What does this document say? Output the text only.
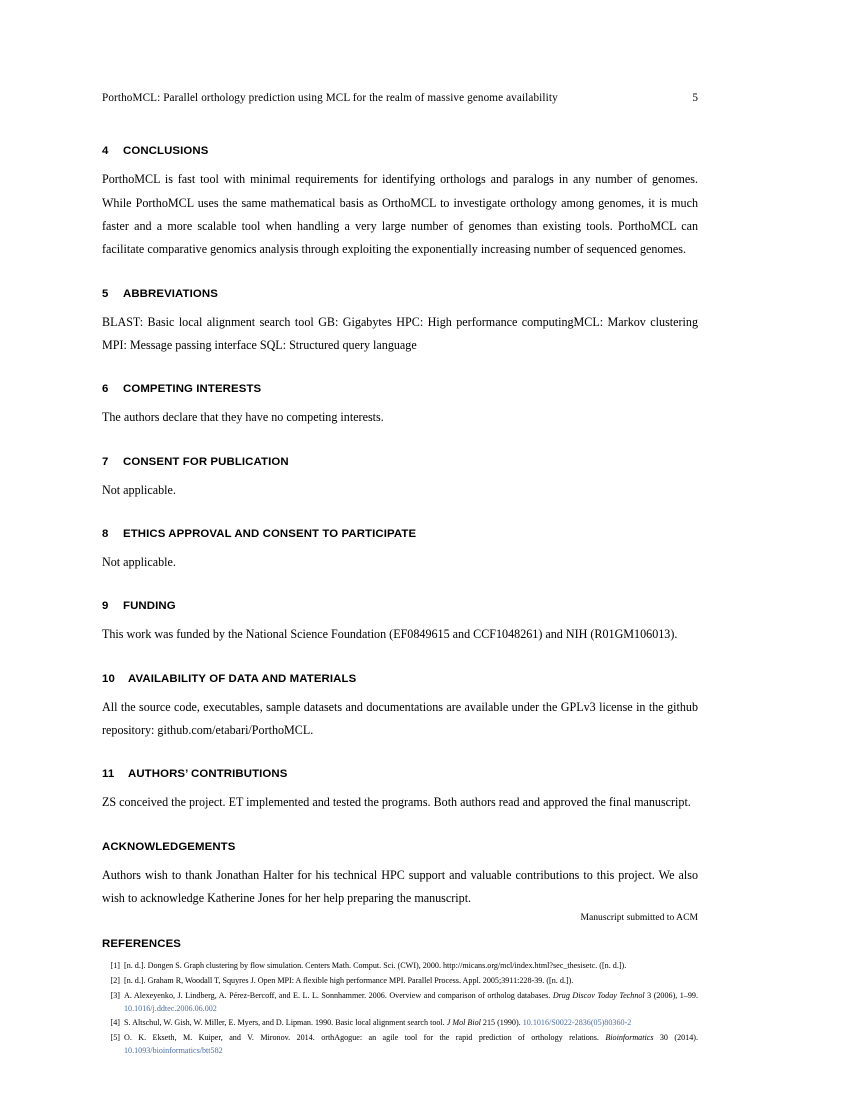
PorthoMCL: Parallel orthology prediction using MCL for the realm of massive genome availability	5
4	CONCLUSIONS

PorthoMCL is fast tool with minimal requirements for identifying orthologs and paralogs in any number of genomes. While PorthoMCL uses the same mathematical basis as OrthoMCL to investigate orthology among genomes, it is much faster and a more scalable tool when handling a very large number of genomes than existing tools. PorthoMCL can facilitate comparative genomics analysis through exploiting the exponentially increasing number of sequenced genomes.

5	ABBREVIATIONS

BLAST: Basic local alignment search tool GB: Gigabytes HPC: High performance computingMCL: Markov clustering MPI: Message passing interface SQL: Structured query language

6	COMPETING INTERESTS

The authors declare that they have no competing interests.

7	CONSENT FOR PUBLICATION

Not applicable.

8	ETHICS APPROVAL AND CONSENT TO PARTICIPATE

Not applicable.

9	FUNDING

This work was funded by the National Science Foundation (EF0849615 and CCF1048261) and NIH (R01GM106013).

10	AVAILABILITY OF DATA AND MATERIALS

All the source code, executables, sample datasets and documentations are available under the GPLv3 license in the github repository: github.com/etabari/PorthoMCL.

11	AUTHORS’ CONTRIBUTIONS

ZS conceived the project. ET implemented and tested the programs. Both authors read and approved the final manuscript.

ACKNOWLEDGEMENTS

Authors wish to thank Jonathan Halter for his technical HPC support and valuable contributions to this project. We also wish to acknowledge Katherine Jones for her help preparing the manuscript.

REFERENCES
[1] [n. d.]. Dongen S. Graph clustering by flow simulation. Centers Math. Comput. Sci. (CWI), 2000. http://micans.org/mcl/index.html?sec_thesisetc. ([n. d.]).
[2] [n. d.]. Graham R, Woodall T, Squyres J. Open MPI: A flexible high performance MPI. Parallel Process. Appl. 2005;3911:228-39. ([n. d.]).
[3] A. Alexeyenko, J. Lindberg, A. Pérez-Bercoff, and E. L. L. Sonnhammer. 2006. Overview and comparison of ortholog databases. Drug Discov Today Technol 3 (2006), 1–99. 10.1016/j.ddtec.2006.06.002
[4] S. Altschul, W. Gish, W. Miller, E. Myers, and D. Lipman. 1990. Basic local alignment search tool. J Mol Biol 215 (1990). 10.1016/S0022-2836(05)80360-2
[5] O. K. Ekseth, M. Kuiper, and V. Mironov. 2014. orthAgogue: an agile tool for the rapid prediction of orthology relations. Bioinformatics 30 (2014). 10.1093/bioinformatics/btt582
Manuscript submitted to ACM
